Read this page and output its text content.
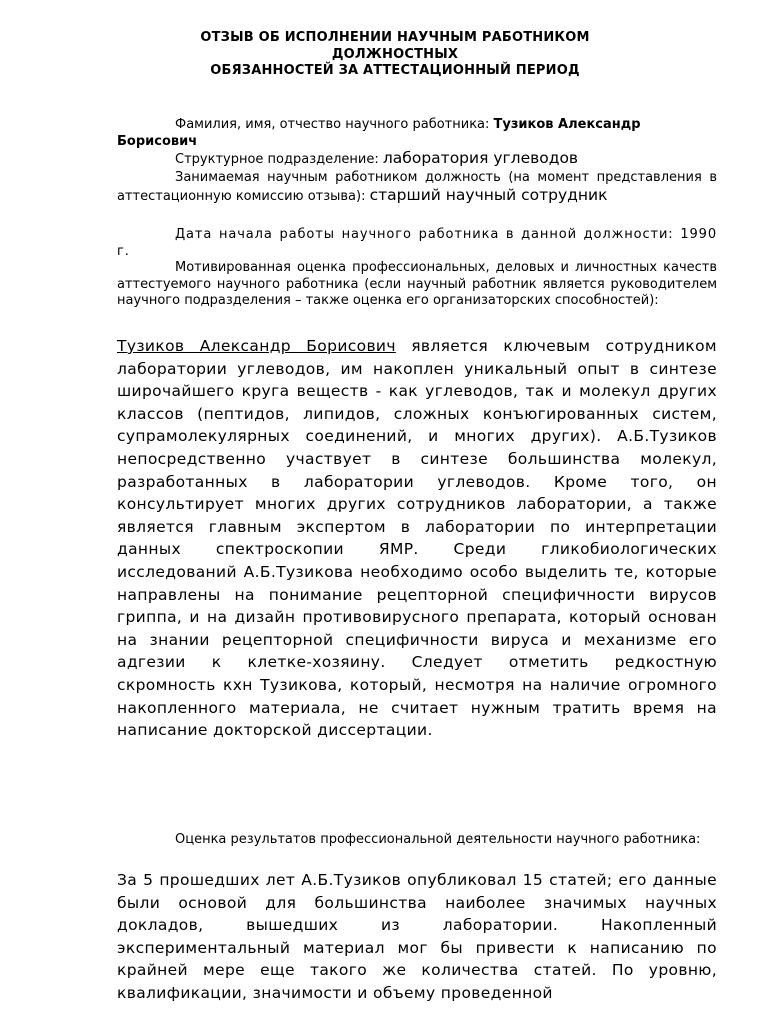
ОТЗЫВ ОБ ИСПОЛНЕНИИ НАУЧНЫМ РАБОТНИКОМ
ДОЛЖНОСТНЫХ
ОБЯЗАННОСТЕЙ ЗА АТТЕСТАЦИОННЫЙ ПЕРИОД
Фамилия, имя, отчество научного работника: Тузиков Александр Борисович
Структурное подразделение: лаборатория углеводов
Занимаемая научным работником должность (на момент представления в аттестационную комиссию отзыва): старший научный сотрудник
Дата начала работы научного работника в данной должности: 1990 г.
Мотивированная оценка профессиональных, деловых и личностных качеств аттестуемого научного работника (если научный работник является руководителем научного подразделения – также оценка его организаторских способностей):
Тузиков Александр Борисович является ключевым сотрудником лаборатории углеводов, им накоплен уникальный опыт в синтезе широчайшего круга веществ - как углеводов, так и молекул других классов (пептидов, липидов, сложных конъюгированных систем, супрамолекулярных соединений, и многих других). А.Б.Тузиков непосредственно участвует в синтезе большинства молекул, разработанных в лаборатории углеводов. Кроме того, он консультирует многих других сотрудников лаборатории, а также является главным экспертом в лаборатории по интерпретации данных спектроскопии ЯМР. Среди гликобиологических исследований А.Б.Тузикова необходимо особо выделить те, которые направлены на понимание рецепторной специфичности вирусов гриппа, и на дизайн противовирусного препарата, который основан на знании рецепторной специфичности вируса и механизме его адгезии к клетке-хозяину. Следует отметить редкостную скромность кхн Тузикова, который, несмотря на наличие огромного накопленного материала, не считает нужным тратить время на написание докторской диссертации.
Оценка результатов профессиональной деятельности научного работника:
За 5 прошедших лет А.Б.Тузиков опубликовал 15 статей; его данные были основой для большинства наиболее значимых научных докладов, вышедших из лаборатории. Накопленный экспериментальный материал мог бы привести к написанию по крайней мере еще такого же количества статей. По уровню, квалификации, значимости и объему проведенной
